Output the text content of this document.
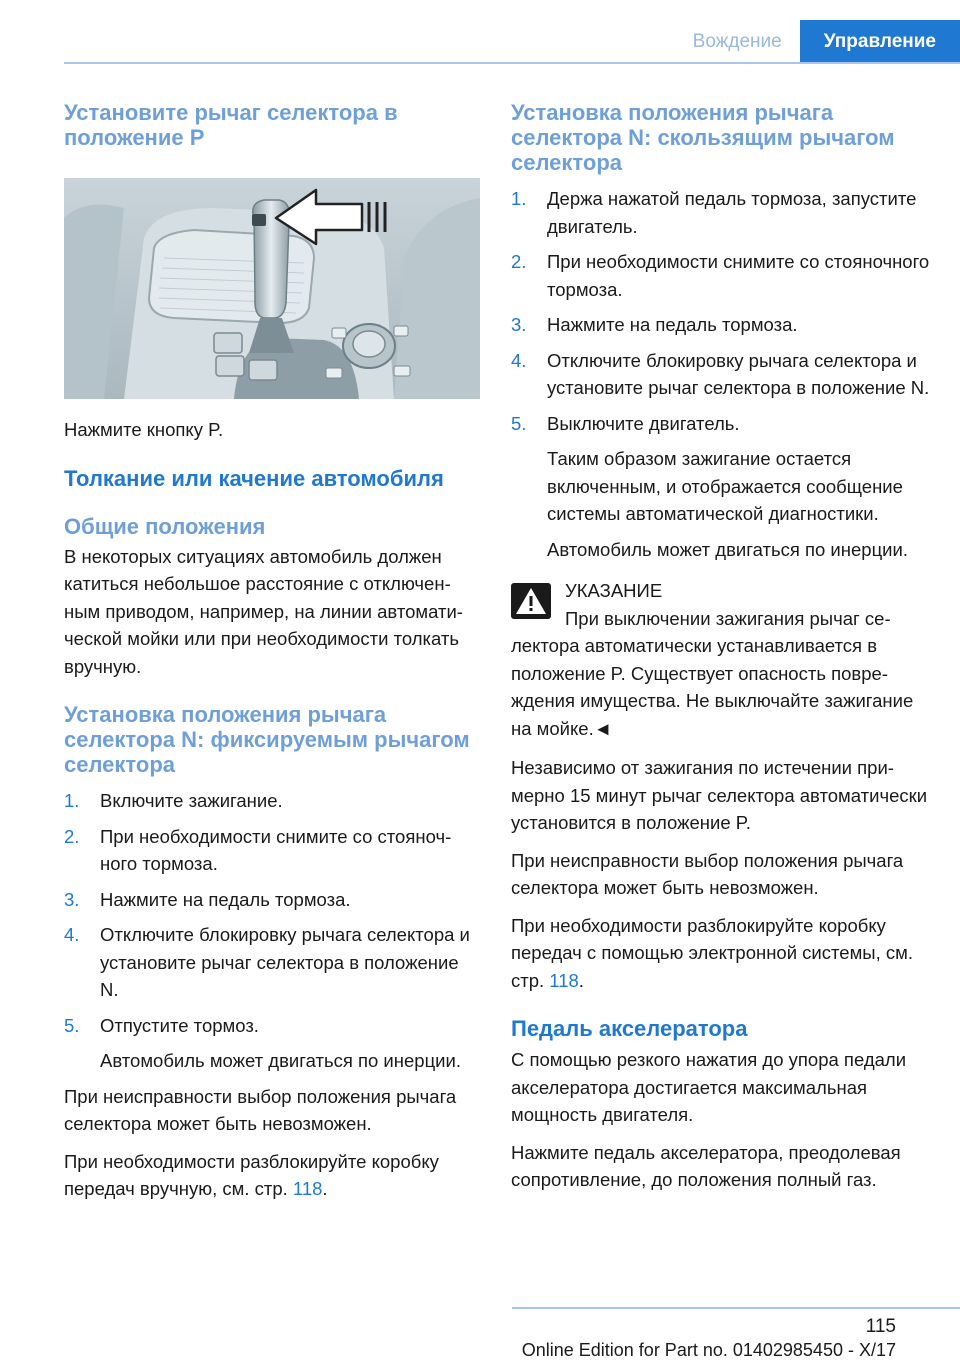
Вождение	Управление
Установите рычаг селектора в положение P

Нажмите кнопку P.

Толкание или качение автомобиля
Общие положения

В некоторых ситуациях автомобиль должен катиться небольшое расстояние с отключенным приводом, например, на линии автоматической мойки или при необходимости толкать вручную.

Установка положения рычага селектора N: фиксируемым рычагом селектора
1. Включите зажигание.
2. При необходимости снимите со стояночного тормоза.
3. Нажмите на педаль тормоза.
4. Отключите блокировку рычага селектора и установите рычаг селектора в положение N.
5. Отпустите тормоз.

Автомобиль может двигаться по инерции.

При неисправности выбор положения рычага селектора может быть невозможен.

При необходимости разблокируйте коробку передач вручную, см. стр. 118.

Установка положения рычага селектора N: скользящим рычагом селектора
1. Держа нажатой педаль тормоза, запустите двигатель.
2. При необходимости снимите со стояночного тормоза.
3. Нажмите на педаль тормоза.
4. Отключите блокировку рычага селектора и установите рычаг селектора в положение N.
5. Выключите двигатель.

Таким образом зажигание остается включенным, и отображается сообщение системы автоматической диагностики.

Автомобиль может двигаться по инерции.

УКАЗАНИЕ

При выключении зажигания рычаг селектора автоматически устанавливается в положение P. Существует опасность повреждения имущества. Не выключайте зажигание на мойке.◄

Независимо от зажигания по истечении примерно 15 минут рычаг селектора автоматически установится в положение P.

При неисправности выбор положения рычага селектора может быть невозможен.

При необходимости разблокируйте коробку передач с помощью электронной системы, см. стр. 118.

Педаль акселератора

С помощью резкого нажатия до упора педали акселератора достигается максимальная мощность двигателя.

Нажмите педаль акселератора, преодолевая сопротивление, до положения полный газ.

115
Online Edition for Part no. 01402985450 - X/17
